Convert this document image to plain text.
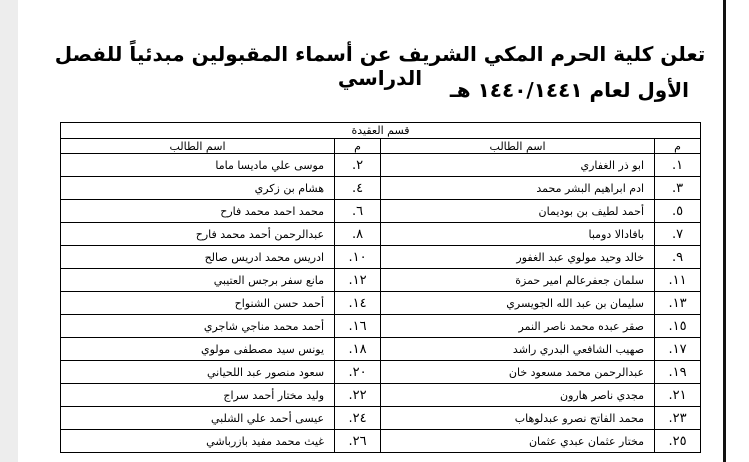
تعلن كلية الحرم المكي الشريف عن أسماء المقبولين مبدئياً للفصل الدراسي	الأول لعام ١٤٤٠/١٤٤١ هـ
قسم العقيدة			
م	اسم الطالب	م	اسم الطالب
١.	ابو ذر الغفاري	٢.	موسى علي ماديسا ماما
٣.	ادم ابراهيم البشر محمد	٤.	هشام بن زكري
٥.	أحمد لطيف بن بوديمان	٦.	محمد احمد محمد فارح
٧.	بافادالا دومبا	٨.	عبدالرحمن أحمد محمد فارح
٩.	خالد وحيد مولوي عبد الغفور	١٠.	ادريس محمد ادريس صالح
١١.	سلمان جعفرعالم امير حمزة	١٢.	مانع سفر برجس العتيبي
١٣.	سليمان بن عبد الله الجويسري	١٤.	أحمد حسن الشنواح
١٥.	صقر عبده محمد ناصر النمر	١٦.	أحمد محمد مناجي شاجري
١٧.	صهيب الشافعي البدري راشد	١٨.	يونس سيد مصطفى مولوي
١٩.	عبدالرحمن محمد مسعود خان	٢٠.	سعود منصور عبد اللحياني
٢١.	مجدي ناصر هارون	٢٢.	وليد مختار أحمد سراج
٢٣.	محمد الفاتح نصرو عبدلوهاب	٢٤.	عيسى أحمد علي الشلبي
٢٥.	مختار عثمان عبدي عثمان	٢٦.	غيث محمد مفيد بازرباشي
